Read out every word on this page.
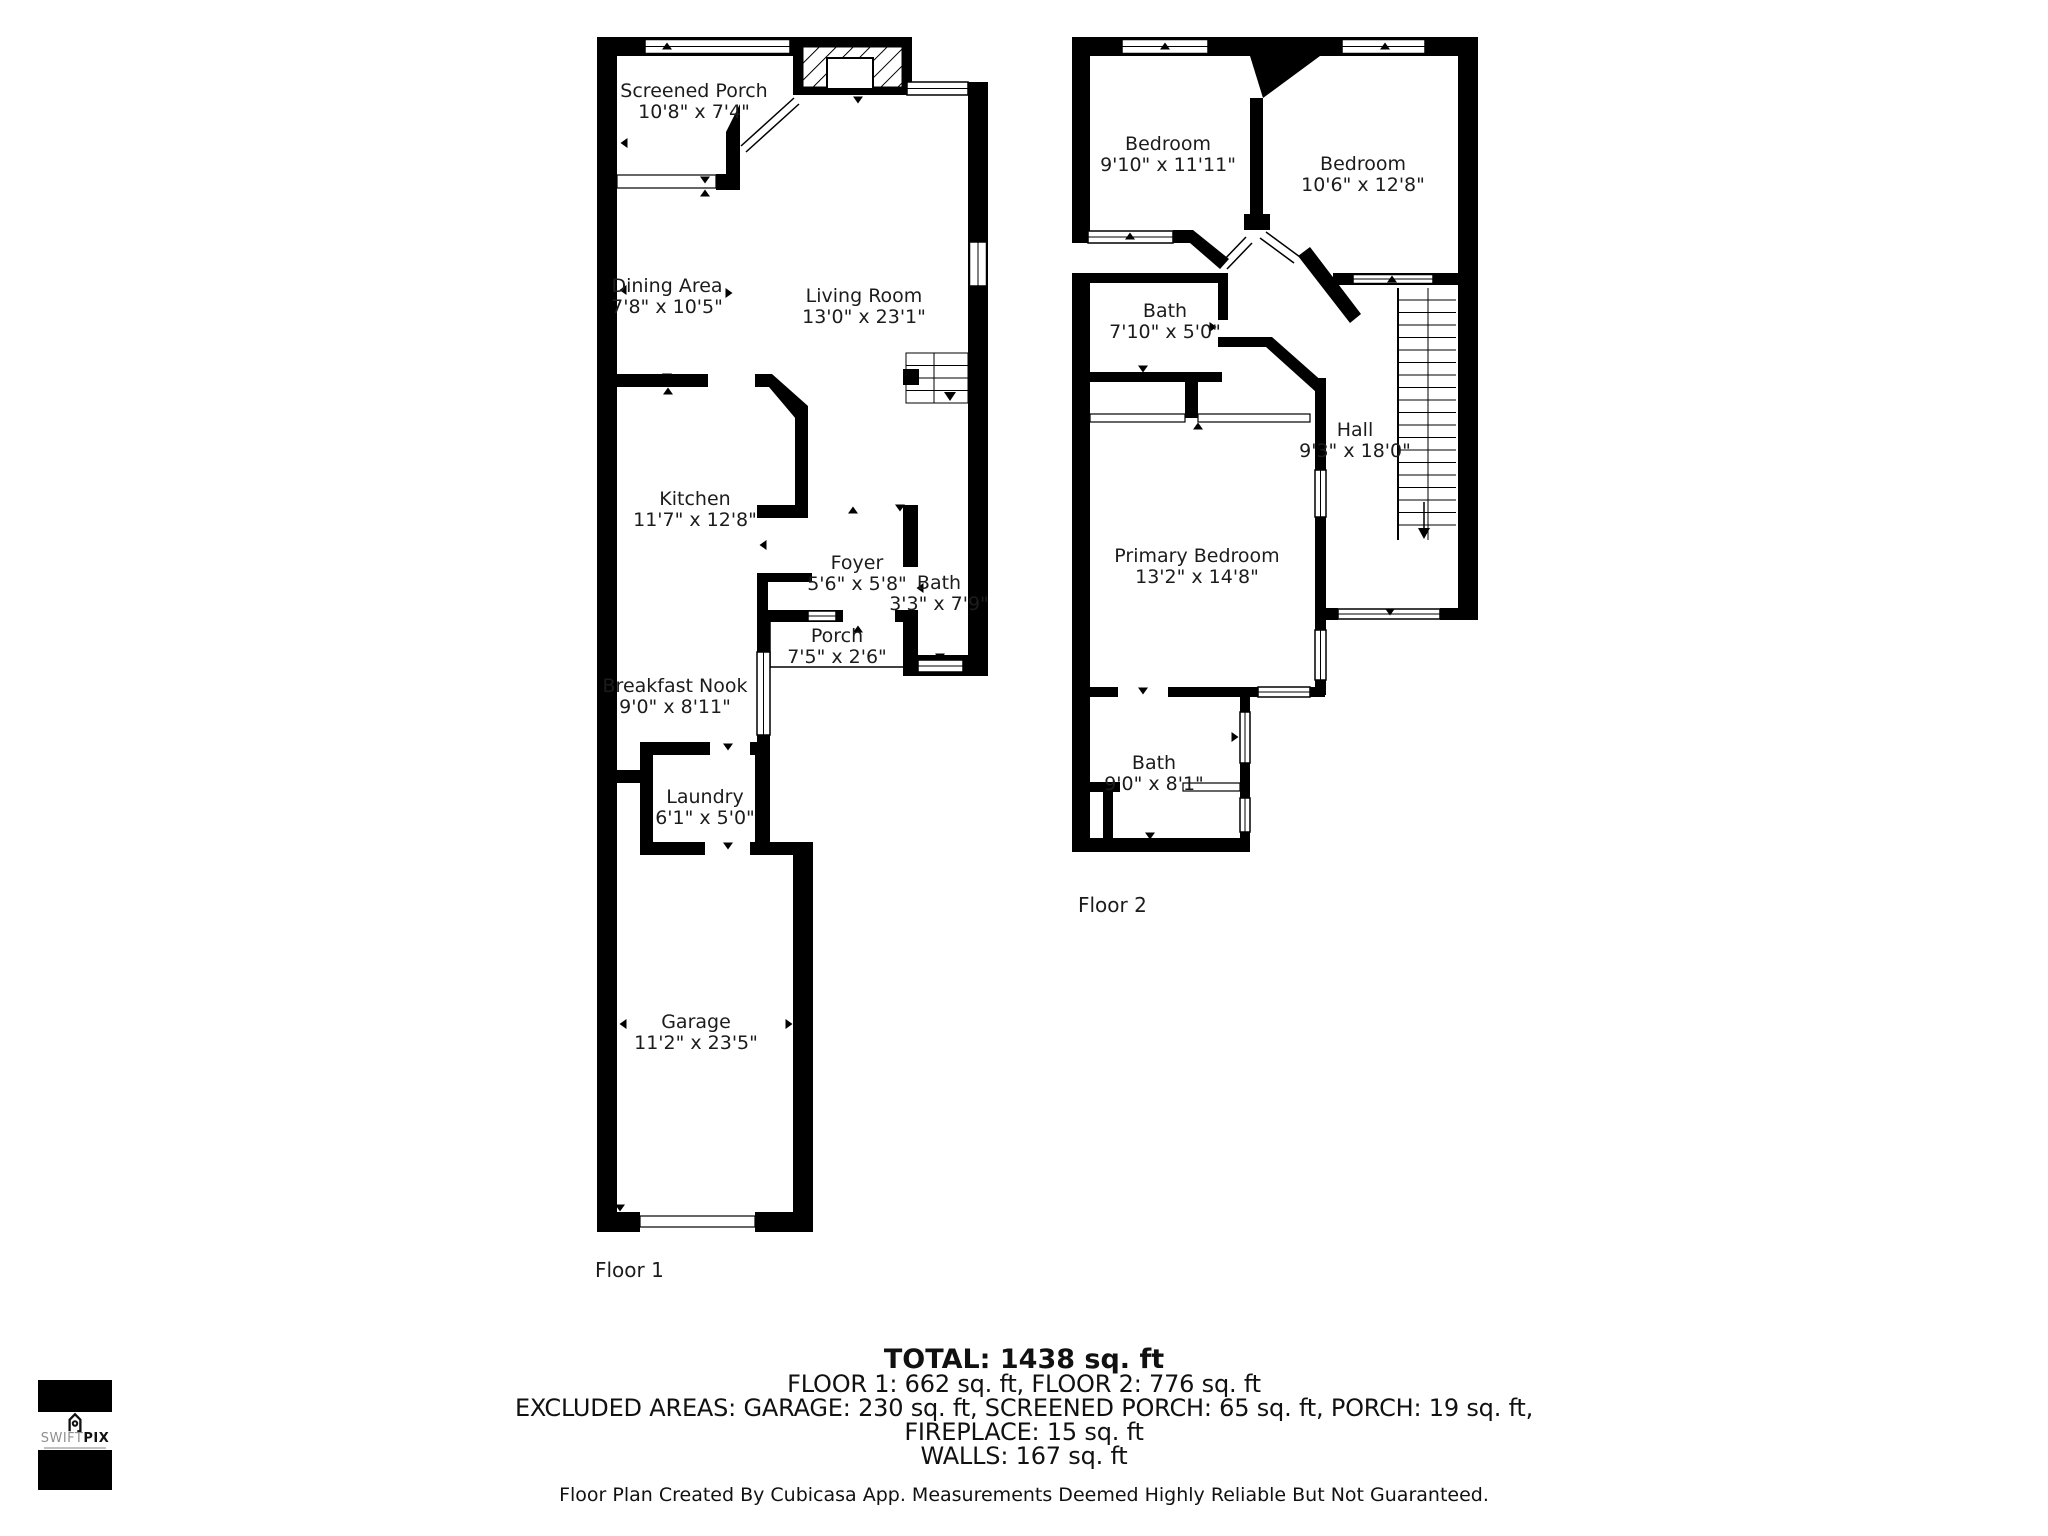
Screened Porch
10'8" x 7'4"
Dining Area
7'8" x 10'5"	Living Room
13'0" x 23'1"
Kitchen
11'7" x 12'8"
Foyer
5'6" x 5'8" Bath
3'3" x 7'9"
Porch
7'5" x 2'6"
Breakfast Nook
9'0" x 8'11"
Laundry
6'1" x 5'0"
Garage
11'2" x 23'5"
Bedroom
9'10" x 11'11"	Bedroom
10'6" x 12'8"
Bath
7'10" x 5'0"
Hall
9'3" x 18'0"
Primary Bedroom
13'2" x 14'8"
Bath
9'0" x 8'1"
Floor 1
Floor 2

TOTAL: 1438 sq. ft

FLOOR 1: 662 sq. ft, FLOOR 2: 776 sq. ft

EXCLUDED AREAS: GARAGE: 230 sq. ft, SCREENED PORCH: 65 sq. ft, PORCH: 19 sq. ft,

FIREPLACE: 15 sq. ft

WALLS: 167 sq. ft

Floor Plan Created By Cubicasa App. Measurements Deemed Highly Reliable But Not Guaranteed.
SWIFTPIX
